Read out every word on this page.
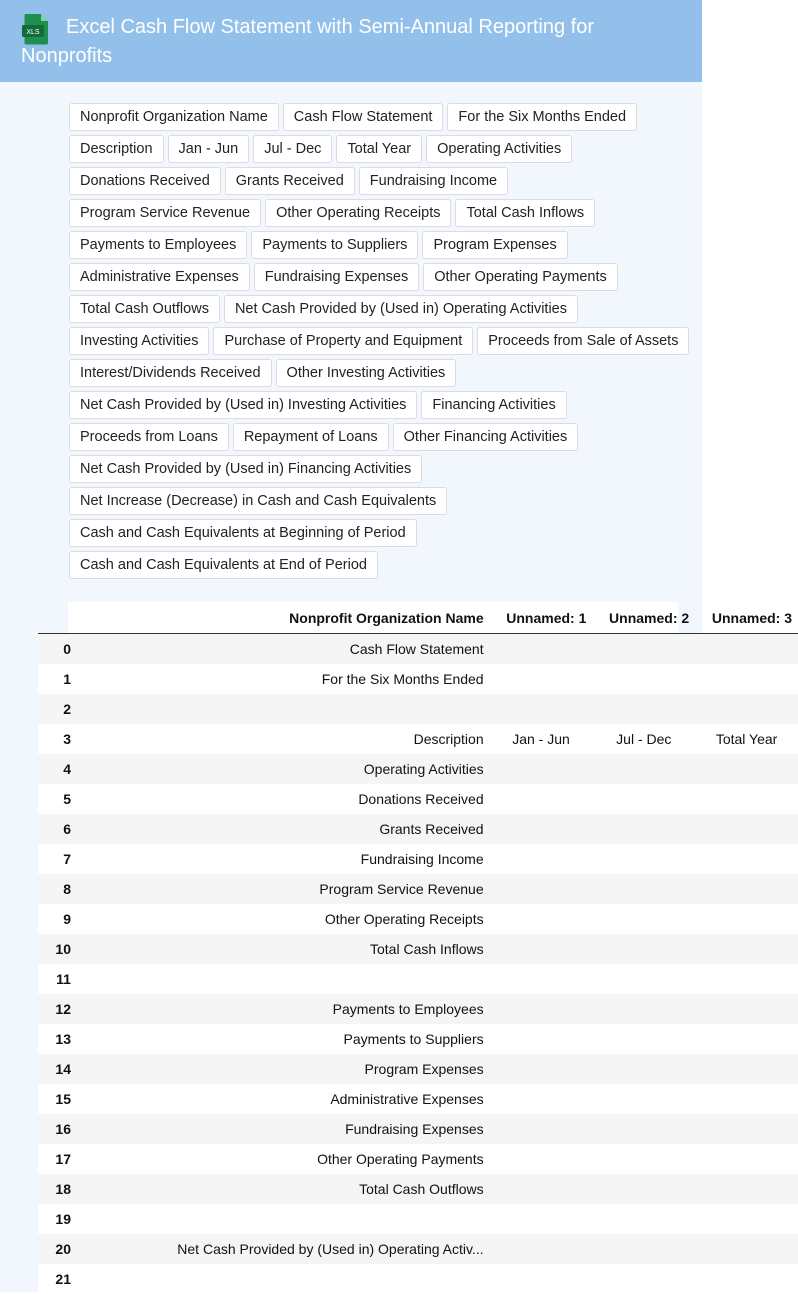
XLS	Excel Cash Flow Statement with Semi-Annual Reporting for Nonprofits
Nonprofit Organization Name	Cash Flow Statement	For the Six Months Ended
Description	Jan - Jun	Jul - Dec	Total Year	Operating Activities
Donations Received	Grants Received	Fundraising Income
Program Service Revenue	Other Operating Receipts	Total Cash Inflows
Payments to Employees	Payments to Suppliers	Program Expenses
Administrative Expenses	Fundraising Expenses	Other Operating Payments
Total Cash Outflows	Net Cash Provided by (Used in) Operating Activities
Investing Activities	Purchase of Property and Equipment	Proceeds from Sale of Assets
Interest/Dividends Received	Other Investing Activities
Net Cash Provided by (Used in) Investing Activities	Financing Activities
Proceeds from Loans	Repayment of Loans	Other Financing Activities
Net Cash Provided by (Used in) Financing Activities
Net Increase (Decrease) in Cash and Cash Equivalents
Cash and Cash Equivalents at Beginning of Period
Cash and Cash Equivalents at End of Period
	Nonprofit Organization Name	Unnamed: 1	Unnamed: 2	Unnamed: 3
0	Cash Flow Statement			
1	For the Six Months Ended			
2				
3	Description	Jan - Jun	Jul - Dec	Total Year
4	Operating Activities			
5	Donations Received			
6	Grants Received			
7	Fundraising Income			
8	Program Service Revenue			
9	Other Operating Receipts			
10	Total Cash Inflows			
11				
12	Payments to Employees			
13	Payments to Suppliers			
14	Program Expenses			
15	Administrative Expenses			
16	Fundraising Expenses			
17	Other Operating Payments			
18	Total Cash Outflows			
19				
20	Net Cash Provided by (Used in) Operating Activ...			
21				
